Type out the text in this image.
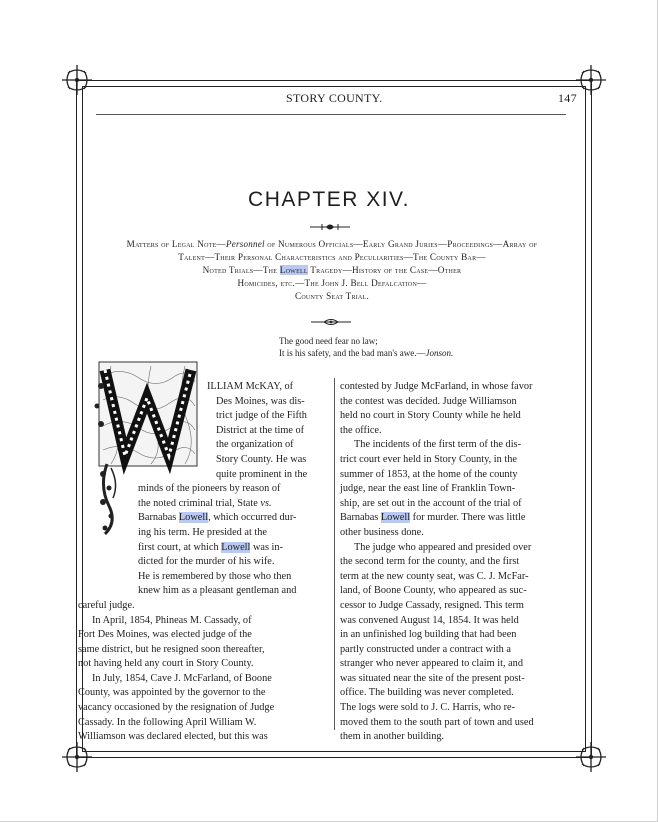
STORY COUNTY.	147
CHAPTER XIV.
Matters of Legal Note—Personnel of Numerous Officials—Early Grand Juries—Proceedings—Array of
Talent—Their Personal Characteristics and Peculiarities—The County Bar—
Noted Trials—The Lowell Tragedy—History of the Case—Other
Homicides, etc.—The John J. Bell Defalcation—
County Seat Trial.
The good need fear no law;
It is his safety, and the bad man's awe.—Jonson.

ILLIAM McKAY, of

Des Moines, was dis-

trict judge of the Fifth

District at the time of

the organization of

Story County. He was

quite prominent in the

minds of the pioneers by reason of

the noted criminal trial, State vs.

Barnabas Lowell, which occurred dur-

ing his term. He presided at the

first court, at which Lowell was in-

dicted for the murder of his wife.

He is remembered by those who then

knew him as a pleasant gentleman and

careful judge.

In April, 1854, Phineas M. Cassady, of

Fort Des Moines, was elected judge of the

same district, but he resigned soon thereafter,

not having held any court in Story County.

In July, 1854, Cave J. McFarland, of Boone

County, was appointed by the governor to the

vacancy occasioned by the resignation of Judge

Cassady. In the following April William W.

Williamson was declared elected, but this was

contested by Judge McFarland, in whose favor

the contest was decided. Judge Williamson

held no court in Story County while he held

the office.

The incidents of the first term of the dis-

trict court ever held in Story County, in the

summer of 1853, at the home of the county

judge, near the east line of Franklin Town-

ship, are set out in the account of the trial of

Barnabas Lowell for murder. There was little

other business done.

The judge who appeared and presided over

the second term for the county, and the first

term at the new county seat, was C. J. McFar-

land, of Boone County, who appeared as suc-

cessor to Judge Cassady, resigned. This term

was convened August 14, 1854. It was held

in an unfinished log building that had been

partly constructed under a contract with a

stranger who never appeared to claim it, and

was situated near the site of the present post-

office. The building was never completed.

The logs were sold to J. C. Harris, who re-

moved them to the south part of town and used

them in another building.
